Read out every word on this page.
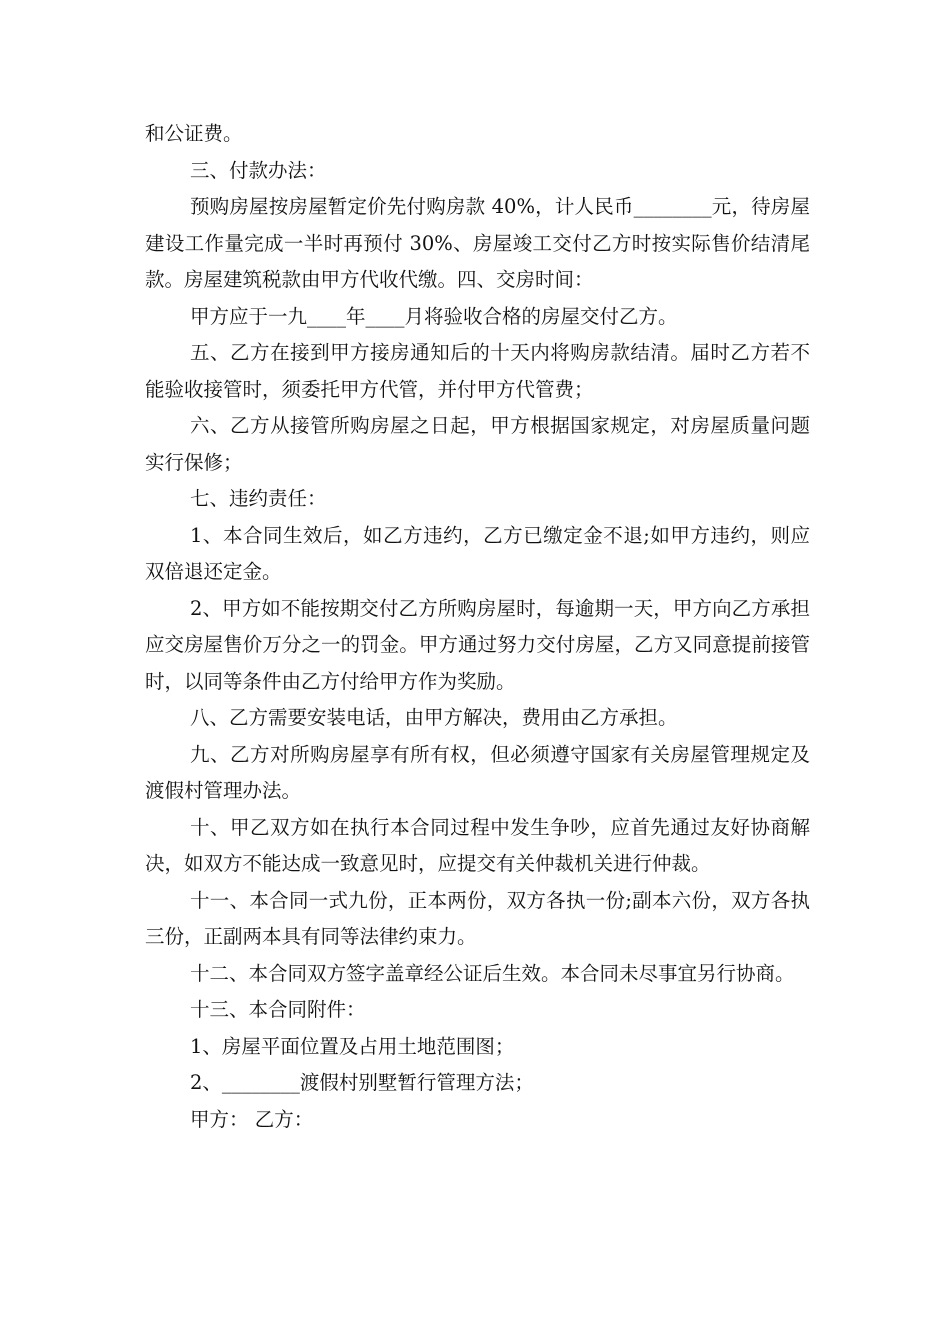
和公证费。

三、付款办法：

预购房屋按房屋暂定价先付购房款 40%，计人民币________元，待房屋建设工作量完成一半时再预付 30%、房屋竣工交付乙方时按实际售价结清尾款。房屋建筑税款由甲方代收代缴。四、交房时间：

甲方应于一九____年____月将验收合格的房屋交付乙方。

五、乙方在接到甲方接房通知后的十天内将购房款结清。届时乙方若不能验收接管时，须委托甲方代管，并付甲方代管费；

六、乙方从接管所购房屋之日起，甲方根据国家规定，对房屋质量问题实行保修；

七、违约责任：

1、本合同生效后，如乙方违约，乙方已缴定金不退;如甲方违约，则应双倍退还定金。

2、甲方如不能按期交付乙方所购房屋时，每逾期一天，甲方向乙方承担应交房屋售价万分之一的罚金。甲方通过努力交付房屋，乙方又同意提前接管时，以同等条件由乙方付给甲方作为奖励。

八、乙方需要安装电话，由甲方解决，费用由乙方承担。

九、乙方对所购房屋享有所有权，但必须遵守国家有关房屋管理规定及渡假村管理办法。

十、甲乙双方如在执行本合同过程中发生争吵，应首先通过友好协商解决，如双方不能达成一致意见时，应提交有关仲裁机关进行仲裁。

十一、本合同一式九份，正本两份，双方各执一份;副本六份，双方各执三份，正副两本具有同等法律约束力。

十二、本合同双方签字盖章经公证后生效。本合同未尽事宜另行协商。

十三、本合同附件：

1、房屋平面位置及占用土地范围图；

2、________渡假村别墅暂行管理方法；

甲方： 乙方：
